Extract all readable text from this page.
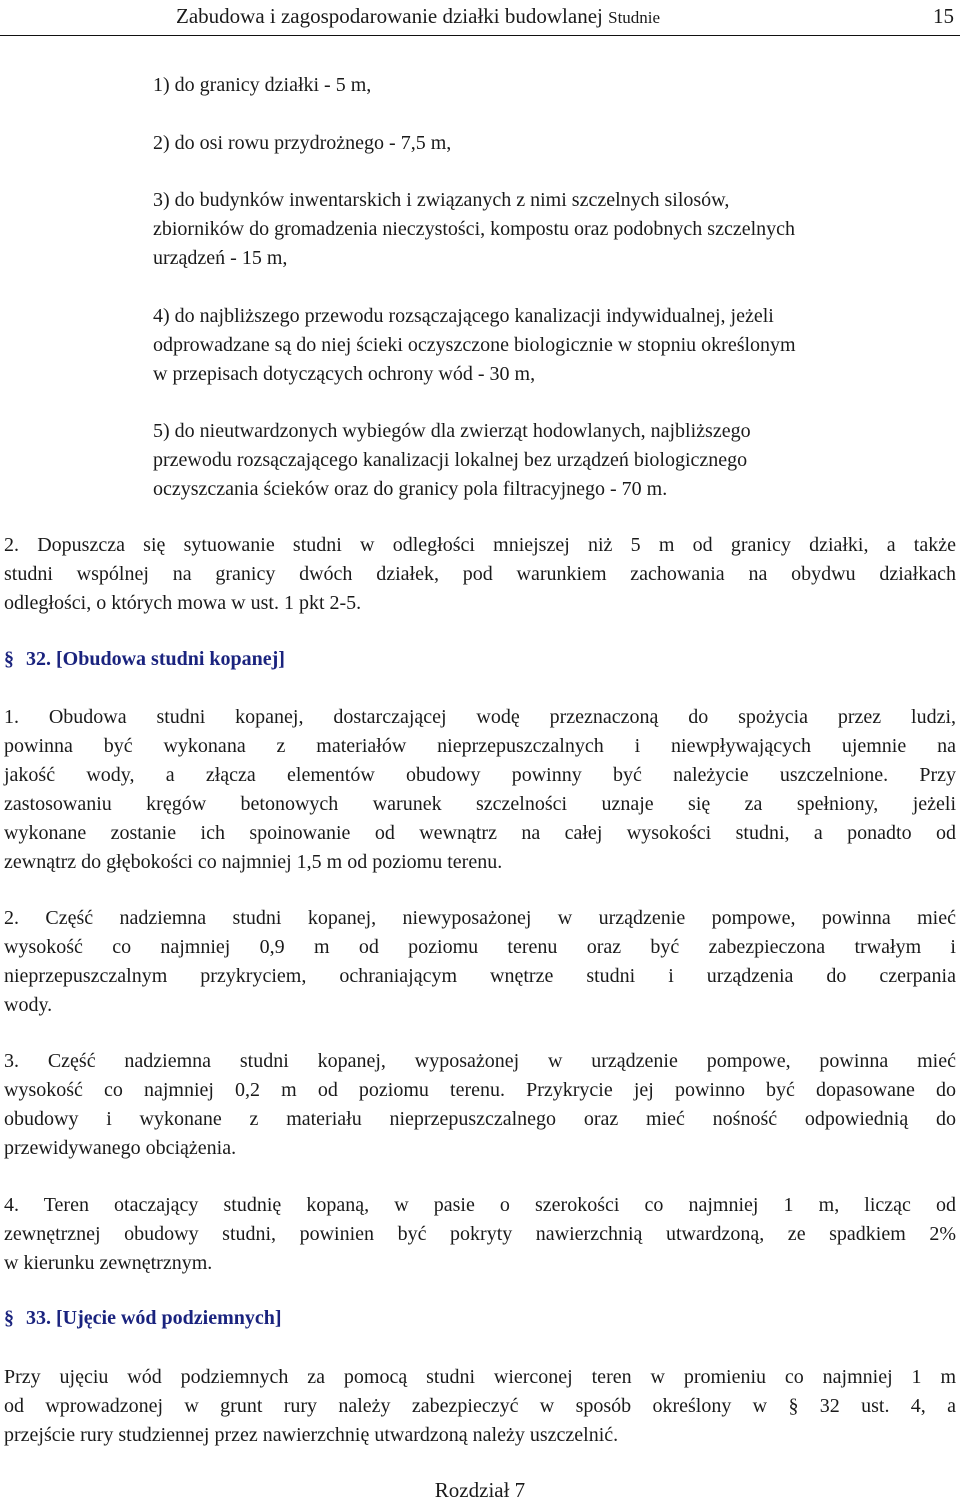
Zabudowa i zagospodarowanie działki budowlanej Studnie	15
1) do granicy działki - 5 m,
2) do osi rowu przydrożnego - 7,5 m,
3) do budynków inwentarskich i związanych z nimi szczelnych silosów,
zbiorników do gromadzenia nieczystości, kompostu oraz podobnych szczelnych
urządzeń - 15 m,
4) do najbliższego przewodu rozsączającego kanalizacji indywidualnej, jeżeli
odprowadzane są do niej ścieki oczyszczone biologicznie w stopniu określonym
w przepisach dotyczących ochrony wód - 30 m,
5) do nieutwardzonych wybiegów dla zwierząt hodowlanych, najbliższego
przewodu rozsączającego kanalizacji lokalnej bez urządzeń biologicznego
oczyszczania ścieków oraz do granicy pola filtracyjnego - 70 m.
2. Dopuszcza się sytuowanie studni w odległości mniejszej niż 5 m od granicy działki, a także
studni wspólnej na granicy dwóch działek, pod warunkiem zachowania na obydwu działkach
odległości, o których mowa w ust. 1 pkt 2-5.
§ 32. [Obudowa studni kopanej]
1. Obudowa studni kopanej, dostarczającej wodę przeznaczoną do spożycia przez ludzi,
powinna być wykonana z materiałów nieprzepuszczalnych i niewpływających ujemnie na
jakość wody, a złącza elementów obudowy powinny być należycie uszczelnione. Przy
zastosowaniu kręgów betonowych warunek szczelności uznaje się za spełniony, jeżeli
wykonane zostanie ich spoinowanie od wewnątrz na całej wysokości studni, a ponadto od
zewnątrz do głębokości co najmniej 1,5 m od poziomu terenu.
2. Część nadziemna studni kopanej, niewyposażonej w urządzenie pompowe, powinna mieć
wysokość co najmniej 0,9 m od poziomu terenu oraz być zabezpieczona trwałym i
nieprzepuszczalnym przykryciem, ochraniającym wnętrze studni i urządzenia do czerpania
wody.
3. Część nadziemna studni kopanej, wyposażonej w urządzenie pompowe, powinna mieć
wysokość co najmniej 0,2 m od poziomu terenu. Przykrycie jej powinno być dopasowane do
obudowy i wykonane z materiału nieprzepuszczalnego oraz mieć nośność odpowiednią do
przewidywanego obciążenia.
4. Teren otaczający studnię kopaną, w pasie o szerokości co najmniej 1 m, licząc od
zewnętrznej obudowy studni, powinien być pokryty nawierzchnią utwardzoną, ze spadkiem 2%
w kierunku zewnętrznym.
§ 33. [Ujęcie wód podziemnych]
Przy ujęciu wód podziemnych za pomocą studni wierconej teren w promieniu co najmniej 1 m
od wprowadzonej w grunt rury należy zabezpieczyć w sposób określony w § 32 ust. 4, a
przejście rury studziennej przez nawierzchnię utwardzoną należy uszczelnić.
Rozdział 7
